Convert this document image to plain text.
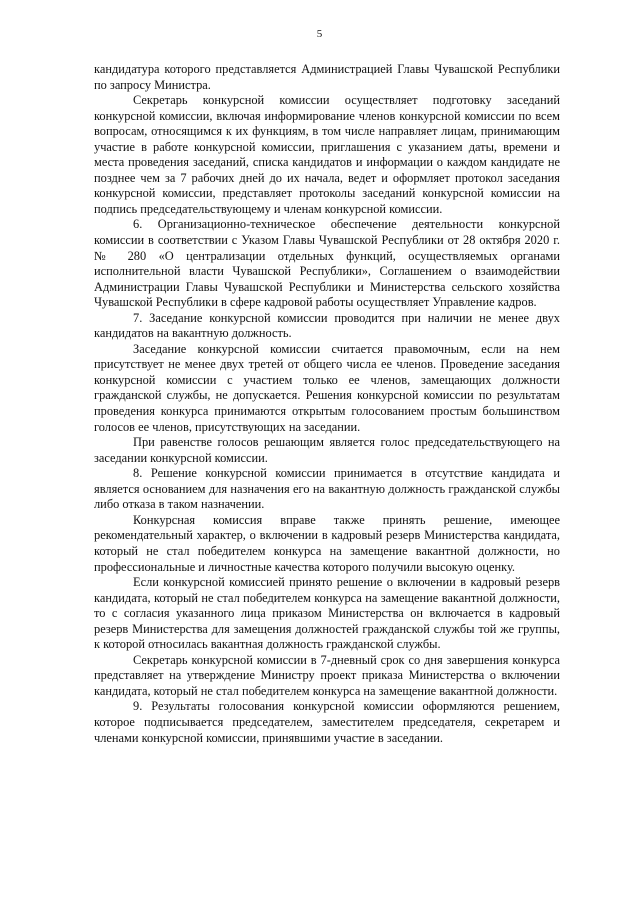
5

кандидатура которого представляется Администрацией Главы Чувашской Республики по запросу Министра.

Секретарь конкурсной комиссии осуществляет подготовку заседаний конкурсной комиссии, включая информирование членов конкурсной комиссии по всем вопросам, относящимся к их функциям, в том числе направляет лицам, принимающим участие в работе конкурсной комиссии, приглашения с указанием даты, времени и места проведения заседаний, списка кандидатов и информации о каждом кандидате не позднее чем за 7 рабочих дней до их начала, ведет и оформляет протокол заседания конкурсной комиссии, представляет протоколы заседаний конкурсной комиссии на подпись председательствующему и членам конкурсной комиссии.

6. Организационно-техническое обеспечение деятельности конкурсной комиссии в соответствии с Указом Главы Чувашской Республики от 28 октября 2020 г. № 280 «О централизации отдельных функций, осуществляемых органами исполнительной власти Чувашской Республики», Соглашением о взаимодействии Администрации Главы Чувашской Республики и Министерства сельского хозяйства Чувашской Республики в сфере кадровой работы осуществляет Управление кадров.

7. Заседание конкурсной комиссии проводится при наличии не менее двух кандидатов на вакантную должность.

Заседание конкурсной комиссии считается правомочным, если на нем присутствует не менее двух третей от общего числа ее членов. Проведение заседания конкурсной комиссии с участием только ее членов, замещающих должности гражданской службы, не допускается. Решения конкурсной комиссии по результатам проведения конкурса принимаются открытым голосованием простым большинством голосов ее членов, присутствующих на заседании.

При равенстве голосов решающим является голос председательствующего на заседании конкурсной комиссии.

8. Решение конкурсной комиссии принимается в отсутствие кандидата и является основанием для назначения его на вакантную должность гражданской службы либо отказа в таком назначении.

Конкурсная комиссия вправе также принять решение, имеющее рекомендательный характер, о включении в кадровый резерв Министерства кандидата, который не стал победителем конкурса на замещение вакантной должности, но профессиональные и личностные качества которого получили высокую оценку.

Если конкурсной комиссией принято решение о включении в кадровый резерв кандидата, который не стал победителем конкурса на замещение вакантной должности, то с согласия указанного лица приказом Министерства он включается в кадровый резерв Министерства для замещения должностей гражданской службы той же группы, к которой относилась вакантная должность гражданской службы.

Секретарь конкурсной комиссии в 7-дневный срок со дня завершения конкурса представляет на утверждение Министру проект приказа Министерства о включении кандидата, который не стал победителем конкурса на замещение вакантной должности.

9. Результаты голосования конкурсной комиссии оформляются решением, которое подписывается председателем, заместителем председателя, секретарем и членами конкурсной комиссии, принявшими участие в заседании.
